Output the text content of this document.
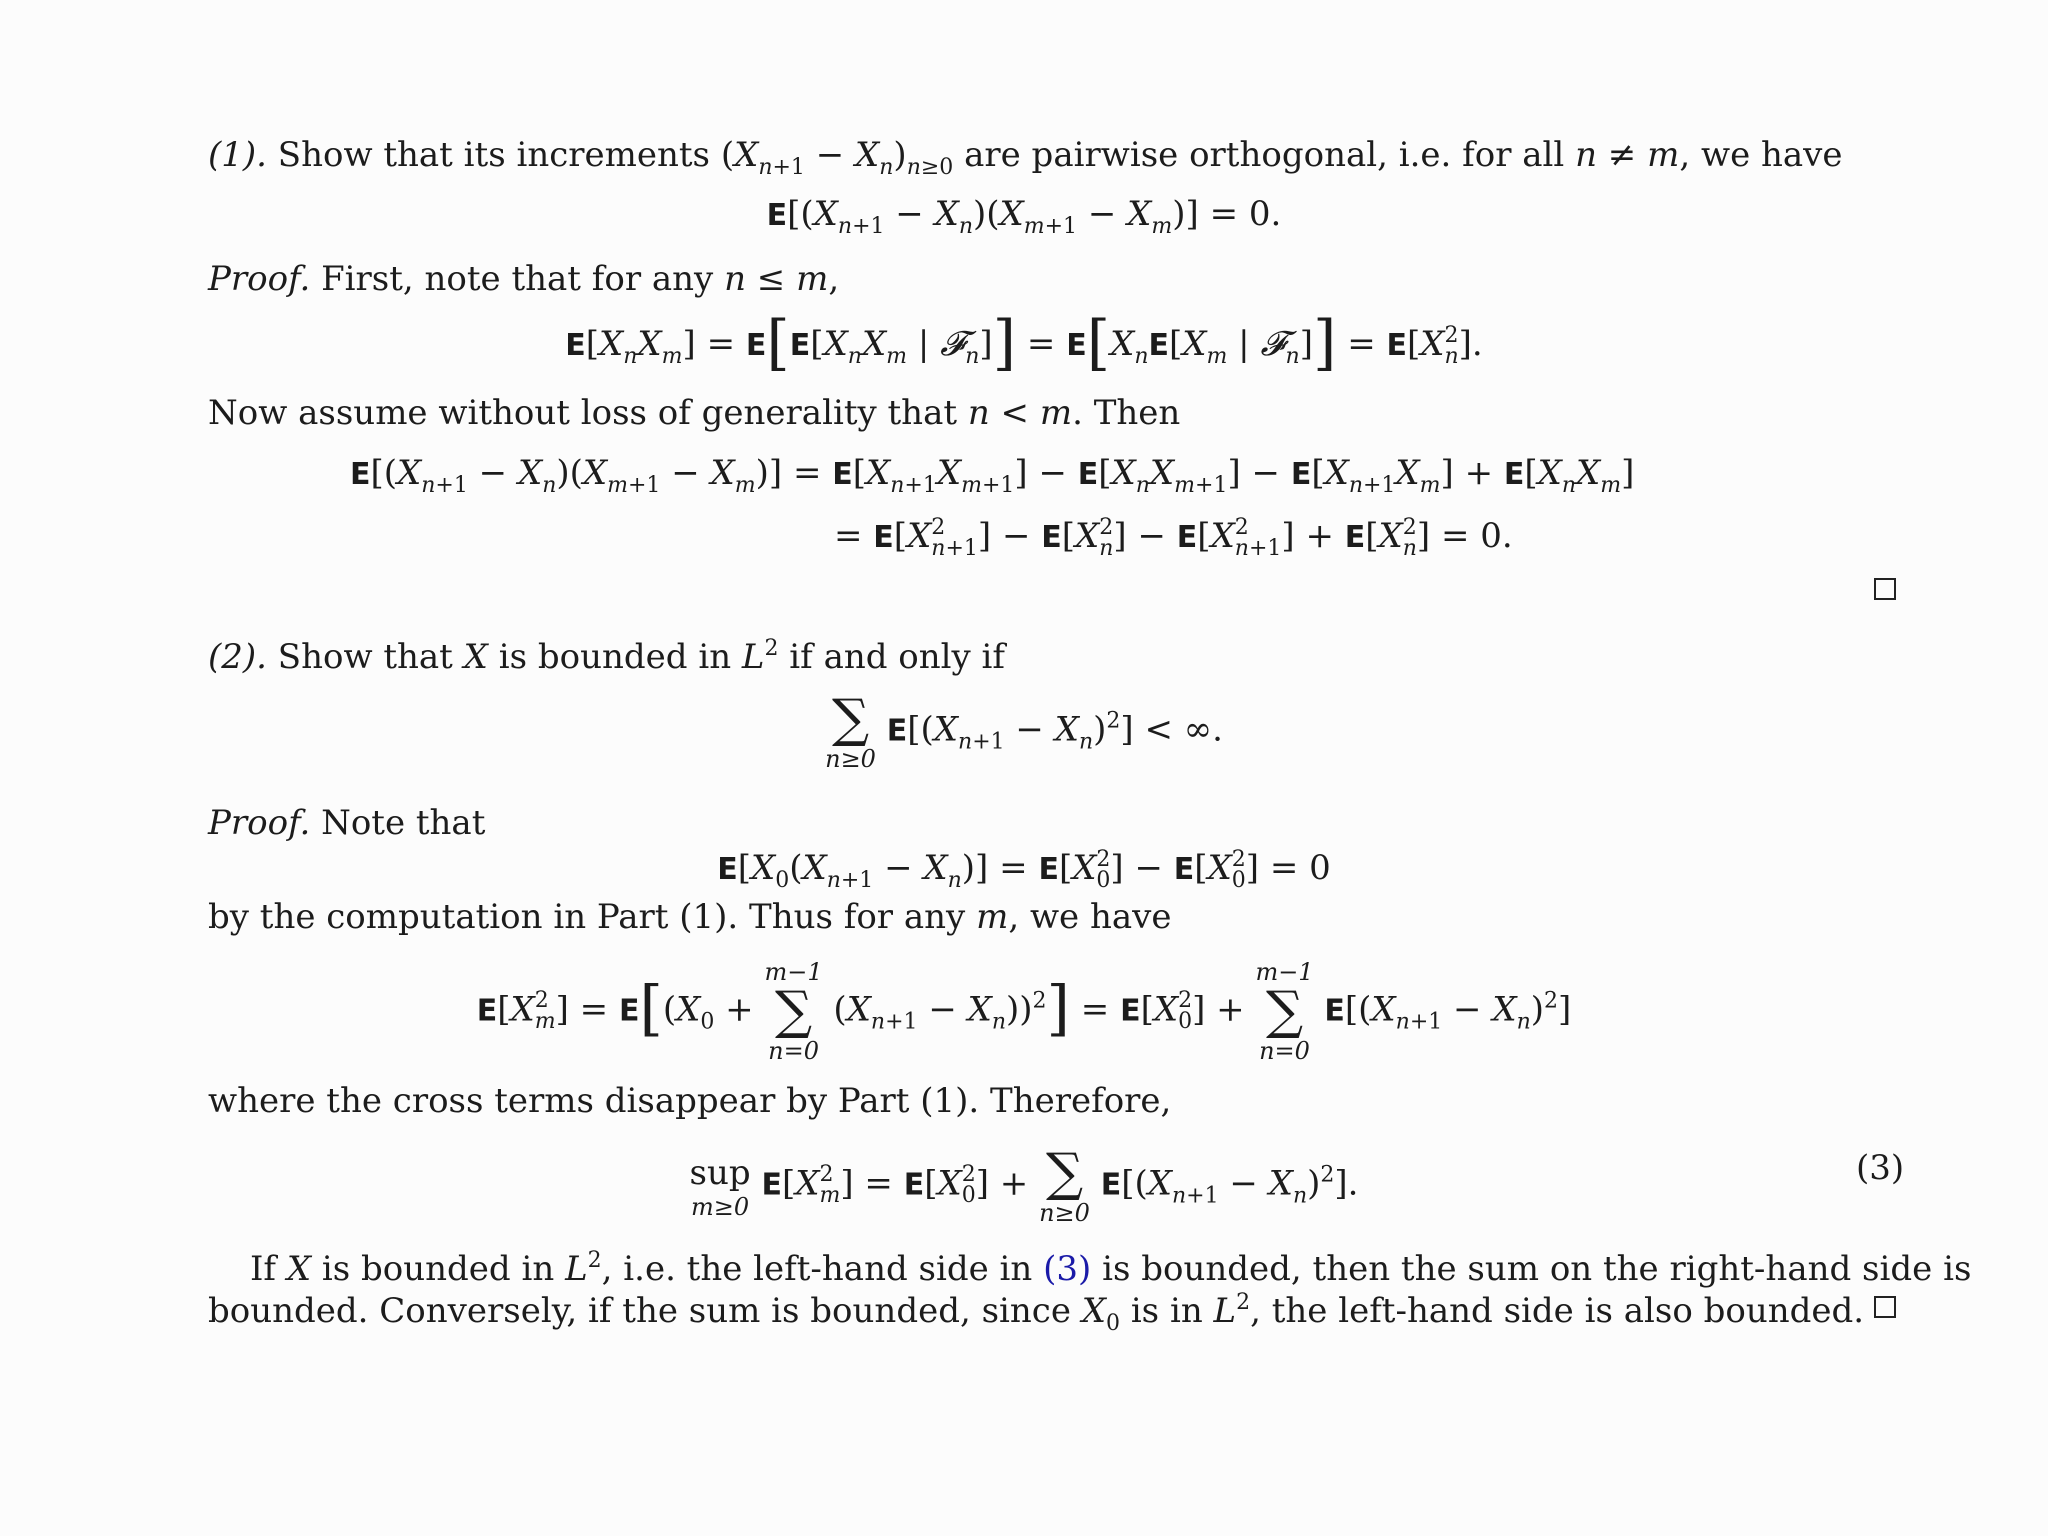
(1). Show that its increments $(X_{n+1} - X_n)_{n\ge 0}$ are pairwise orthogonal, i.e. for all n ≠ m, we have
$E[(X_{n+1} - X_n)(X_{m+1} - X_m)] = 0$.
Proof. First, note that for any n ≤ m,
$E[X_nX_m] = E[E[X_nX_m$ | 𝓕$_n$]] = $E[X_nE[X_m$ | 𝓕$_n$]] = E[X 2
n ].
Now assume without loss of generality that n < m. Then
$E[(X_{n+1} - X_n)(X_{m+1} - X_m)] = E[X_{n+1}X_{m+1}] - E[X_nX_{m+1}] - E[X_{n+1}X_m] + E[X_nX_m]$
= E[X 2
n+1 ] − E[X 2
n ] − E[X 2
n+1 ] + E[X 2
n ] = 0.
(2). Show that X is bounded in $L^2$ if and only if
∑
n≥0
$E[(X_{n+1} - X_n)^2]$ < ∞.
Proof. Note that
$E[X_0(X_{n+1} - X_n)] = E[X$ 2
0 ] − E[X 2
0 ] = 0
by the computation in Part (1). Thus for any m, we have
E[X 2
m ] = $E[(X_0$ +
m−1
∑
n=0
$(X_{n+1} - X_n))^2] = E[X$ 2
0 ] +
m−1
∑
n=0
$E[(X_{n+1} - X_n)^2]$
where the cross terms disappear by Part (1). Therefore,
sup
m≥0
E[X 2
m ] = E[X 2
0 ] + ∑
n≥0
$E[(X_{n+1} - X_n)^2]$.	(3)
If X is bounded in $L^2$, i.e. the left-hand side in (3) is bounded, then the sum on the right-hand side is
bounded. Conversely, if the sum is bounded, since $X_0$ is in $L^2$, the left-hand side is also bounded.
